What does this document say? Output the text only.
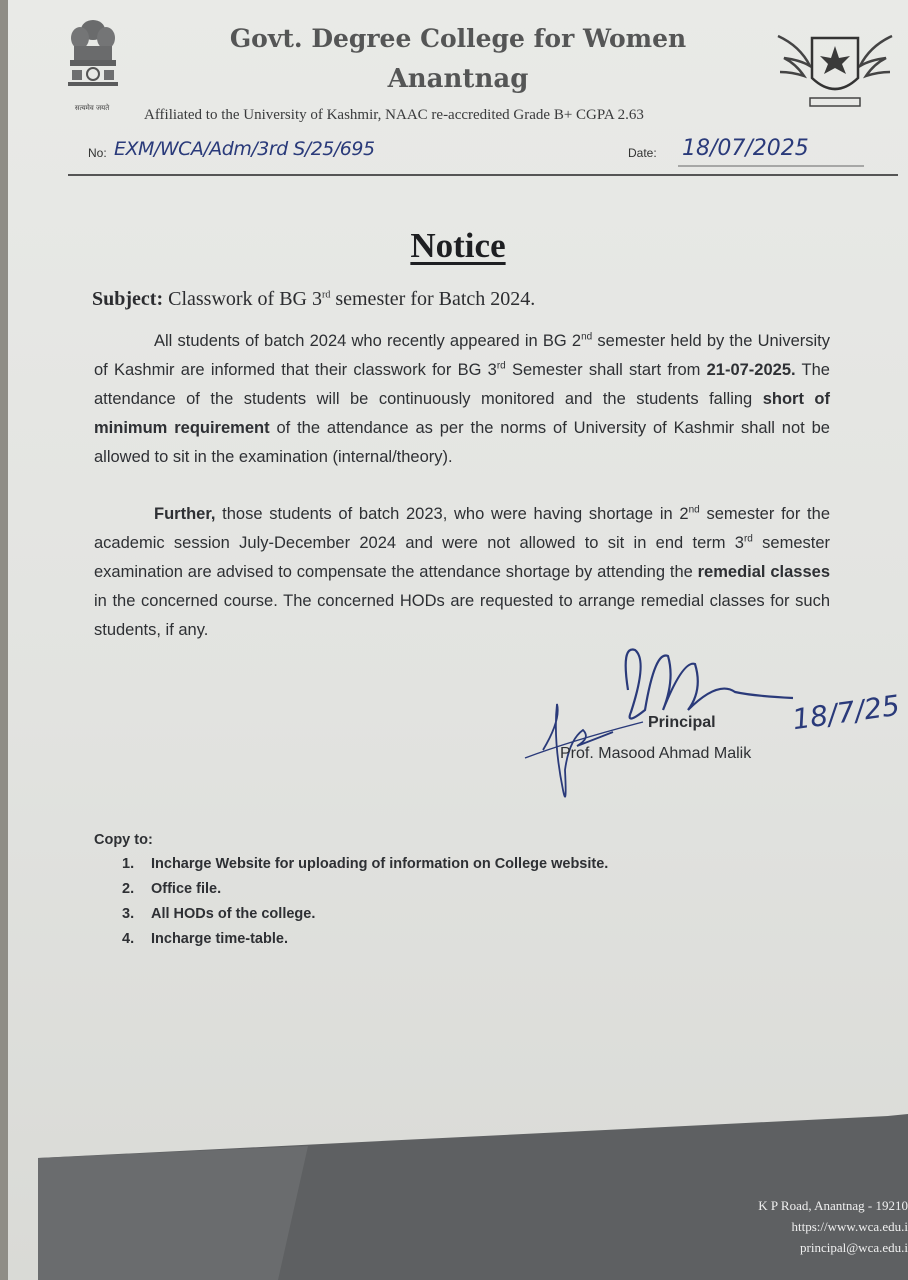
सत्यमेव जयते
Govt. Degree College for Women
Anantnag
Affiliated to the University of Kashmir, NAAC re-accredited Grade B+ CGPA 2.63
No: EXM/WCA/Adm/3rd S/25/695	Date: 18/07/2025
Notice
Subject: Classwork of BG 3rd semester for Batch 2024.
All students of batch 2024 who recently appeared in BG 2nd semester held by the University of Kashmir are informed that their classwork for BG 3rd Semester shall start from 21-07-2025. The attendance of the students will be continuously monitored and the students falling short of minimum requirement of the attendance as per the norms of University of Kashmir shall not be allowed to sit in the examination (internal/theory).
Further, those students of batch 2023, who were having shortage in 2nd semester for the academic session July-December 2024 and were not allowed to sit in end term 3rd semester examination are advised to compensate the attendance shortage by attending the remedial classes in the concerned course. The concerned HODs are requested to arrange remedial classes for such students, if any.
18/7/25
Principal
Prof. Masood Ahmad Malik
Copy to:
1. Incharge Website for uploading of information on College website.
2. Office file.
3. All HODs of the college.
4. Incharge time-table.
K P Road, Anantnag - 19210
https://www.wca.edu.i
principal@wca.edu.i
